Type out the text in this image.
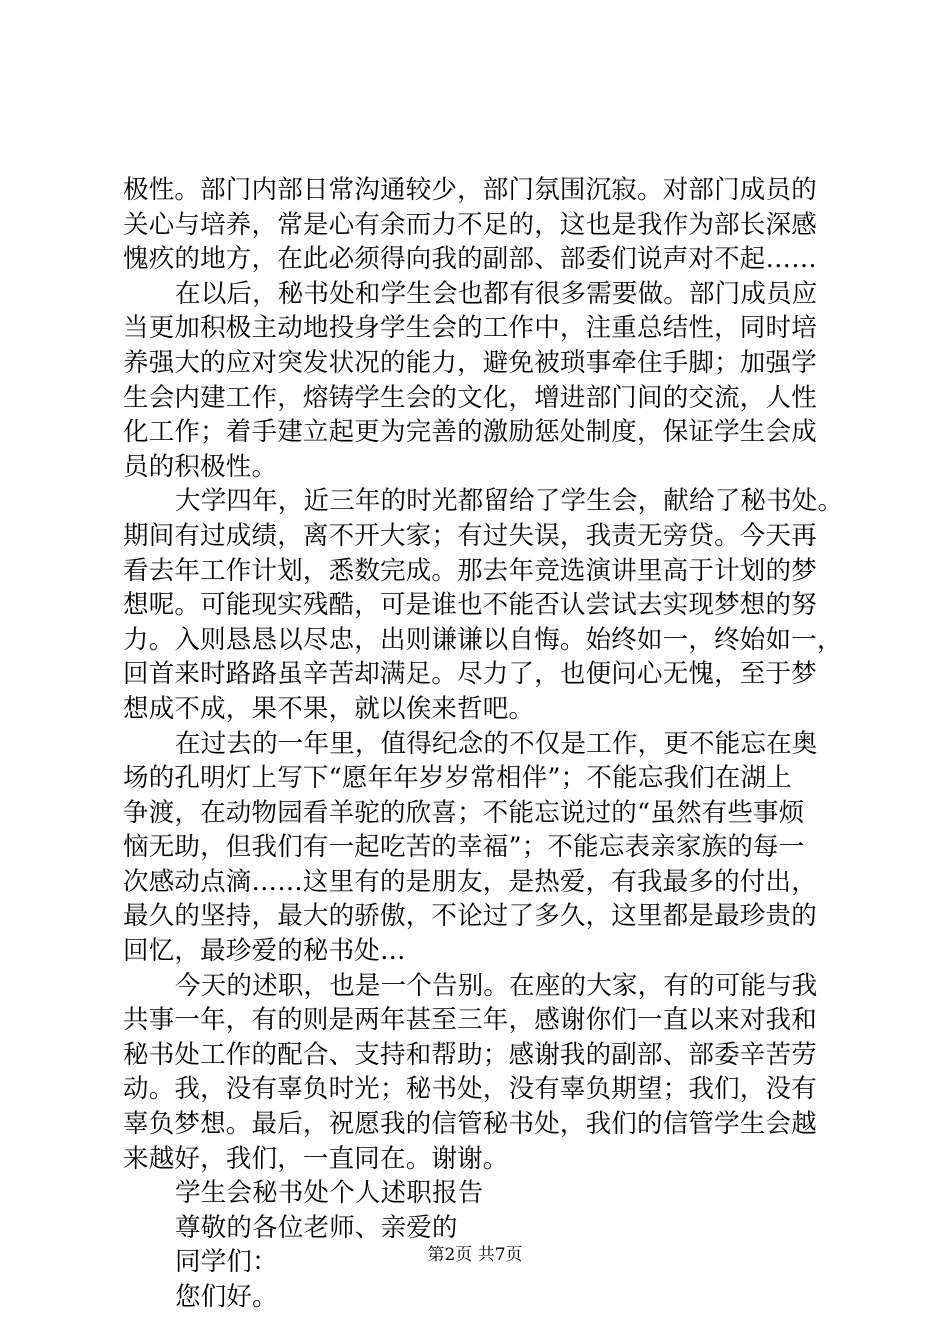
极性。部门内部日常沟通较少，部门氛围沉寂。对部门成员的
关心与培养，常是心有余而力不足的，这也是我作为部长深感
愧疚的地方，在此必须得向我的副部、部委们说声对不起……
在以后，秘书处和学生会也都有很多需要做。部门成员应
当更加积极主动地投身学生会的工作中，注重总结性，同时培
养强大的应对突发状况的能力，避免被琐事牵住手脚；加强学
生会内建工作，熔铸学生会的文化，增进部门间的交流，人性
化工作；着手建立起更为完善的激励惩处制度，保证学生会成
员的积极性。
大学四年，近三年的时光都留给了学生会，献给了秘书处。
期间有过成绩，离不开大家；有过失误，我责无旁贷。今天再
看去年工作计划，悉数完成。那去年竞选演讲里高于计划的梦
想呢。可能现实残酷，可是谁也不能否认尝试去实现梦想的努
力。入则恳恳以尽忠，出则谦谦以自悔。始终如一，终始如一，
回首来时路路虽辛苦却满足。尽力了，也便问心无愧，至于梦
想成不成，果不果，就以俟来哲吧。
在过去的一年里，值得纪念的不仅是工作，更不能忘在奥
场的孔明灯上写下“愿年年岁岁常相伴”；不能忘我们在湖上
争渡，在动物园看羊驼的欣喜；不能忘说过的“虽然有些事烦
恼无助，但我们有一起吃苦的幸福”；不能忘表亲家族的每一
次感动点滴……这里有的是朋友，是热爱，有我最多的付出，
最久的坚持，最大的骄傲，不论过了多久，这里都是最珍贵的
回忆，最珍爱的秘书处…
今天的述职，也是一个告别。在座的大家，有的可能与我
共事一年，有的则是两年甚至三年，感谢你们一直以来对我和
秘书处工作的配合、支持和帮助；感谢我的副部、部委辛苦劳
动。我，没有辜负时光；秘书处，没有辜负期望；我们，没有
辜负梦想。最后，祝愿我的信管秘书处，我们的信管学生会越
来越好，我们，一直同在。谢谢。
学生会秘书处个人述职报告
尊敬的各位老师、亲爱的
同学们：
您们好。
第2页 共7页
